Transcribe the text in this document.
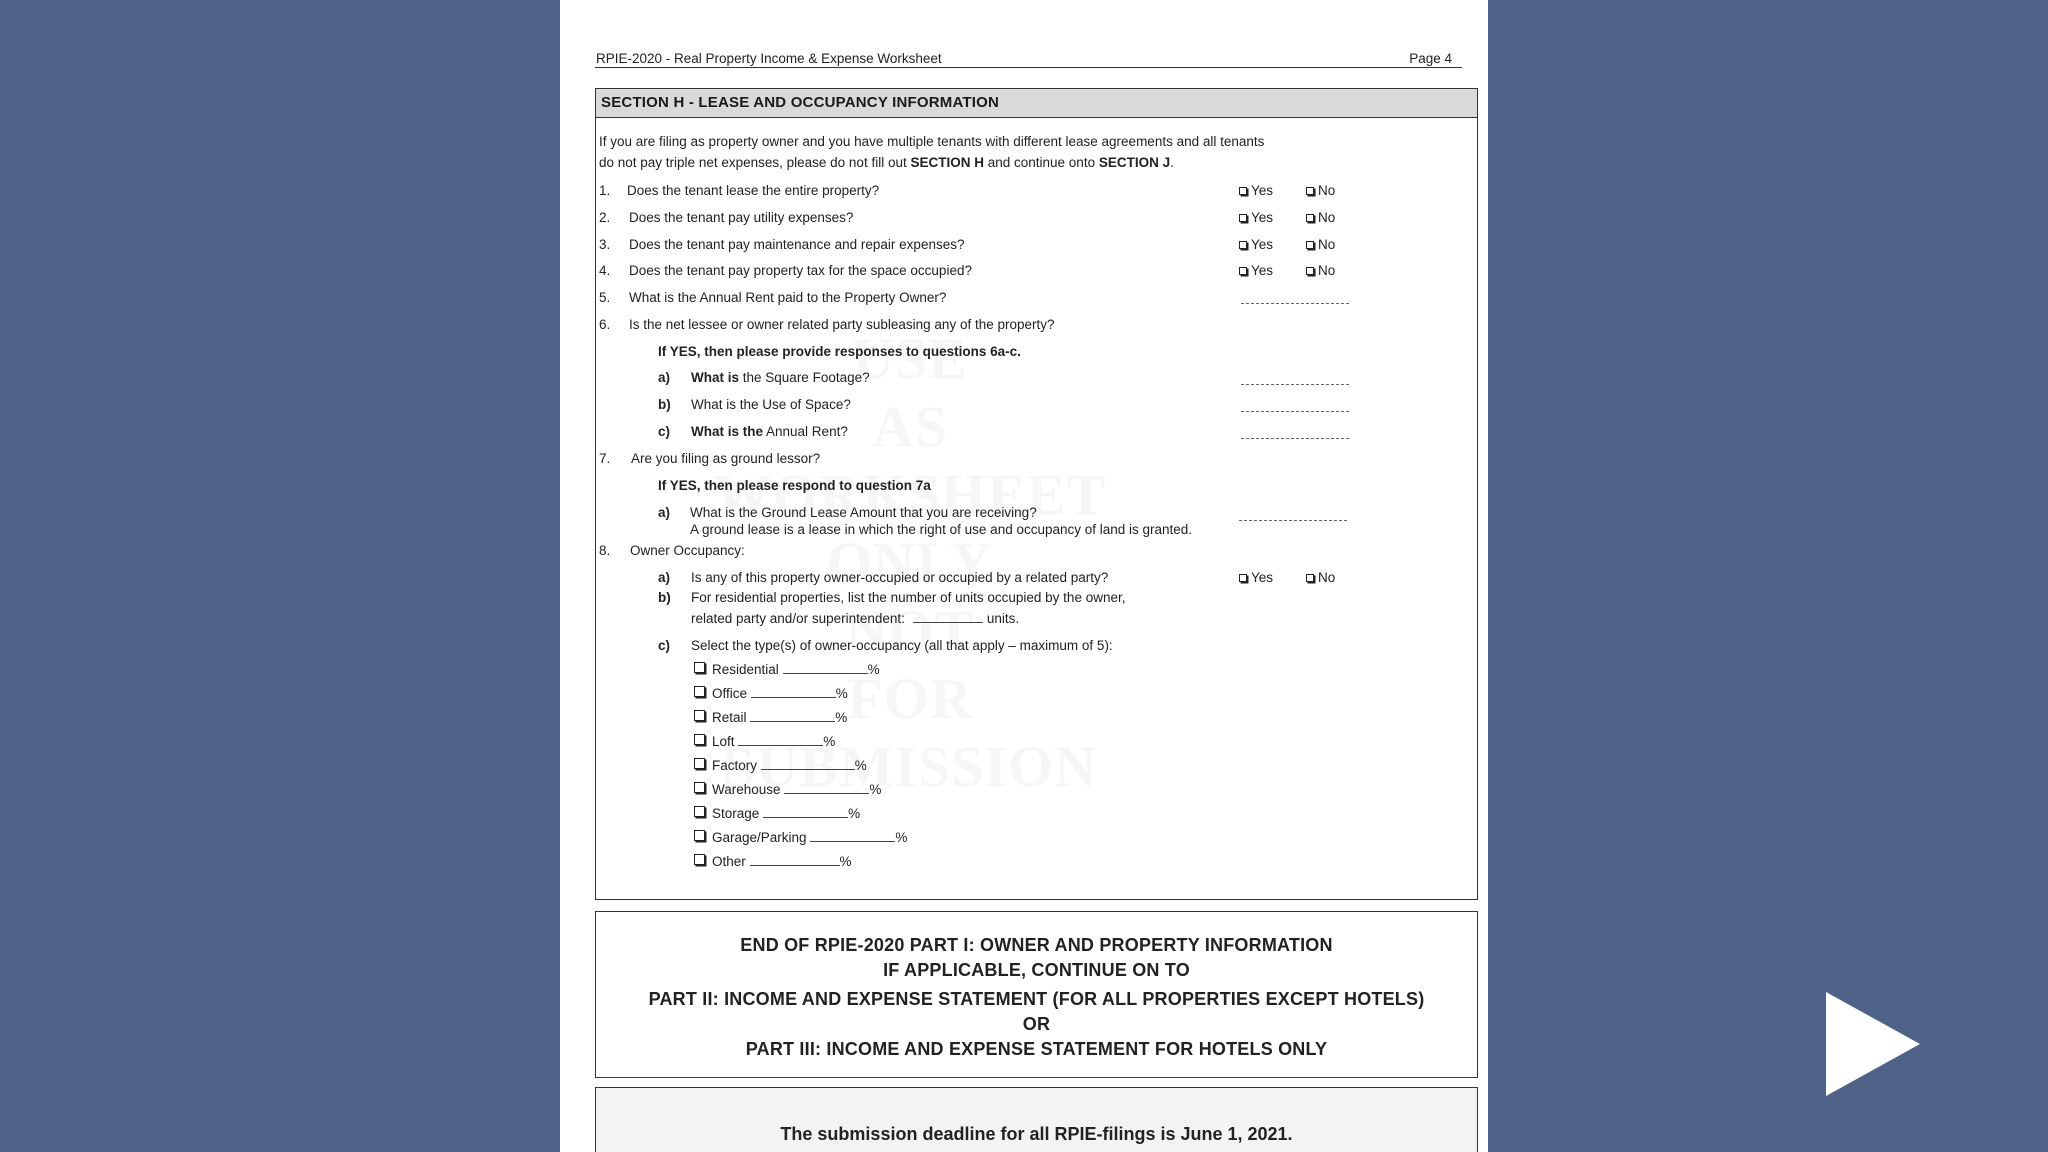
RPIE-2020 - Real Property Income & Expense Worksheet	Page 4
SECTION H - LEASE AND OCCUPANCY INFORMATION
If you are filing as property owner and you have multiple tenants with different lease agreements and all tenants
do not pay triple net expenses, please do not fill out SECTION H and continue onto SECTION J.
1. Does the tenant lease the entire property?	Yes	No
2. Does the tenant pay utility expenses?	Yes	No
3. Does the tenant pay maintenance and repair expenses?	Yes	No
4. Does the tenant pay property tax for the space occupied?	Yes	No
5. What is the Annual Rent paid to the Property Owner?
6. Is the net lessee or owner related party subleasing any of the property?
If YES, then please provide responses to questions 6a-c.
a) What is the Square Footage?
b) What is the Use of Space?
c) What is the Annual Rent?
7. Are you filing as ground lessor?
If YES, then please respond to question 7a
a) What is the Ground Lease Amount that you are receiving?
A ground lease is a lease in which the right of use and occupancy of land is granted.
8. Owner Occupancy:
a) Is any of this property owner-occupied or occupied by a related party?	Yes	No
b) For residential properties, list the number of units occupied by the owner,
related party and/or superintendent:	units.
c) Select the type(s) of owner-occupancy (all that apply – maximum of 5):
Residential	%
Office	%
Retail	%
Loft	%
Factory	%
Warehouse	%
Storage	%
Garage/Parking	%
Other	%
END OF RPIE-2020 PART I: OWNER AND PROPERTY INFORMATION
IF APPLICABLE, CONTINUE ON TO
PART II: INCOME AND EXPENSE STATEMENT (FOR ALL PROPERTIES EXCEPT HOTELS)
OR
PART III: INCOME AND EXPENSE STATEMENT FOR HOTELS ONLY
The submission deadline for all RPIE-filings is June 1, 2021.
